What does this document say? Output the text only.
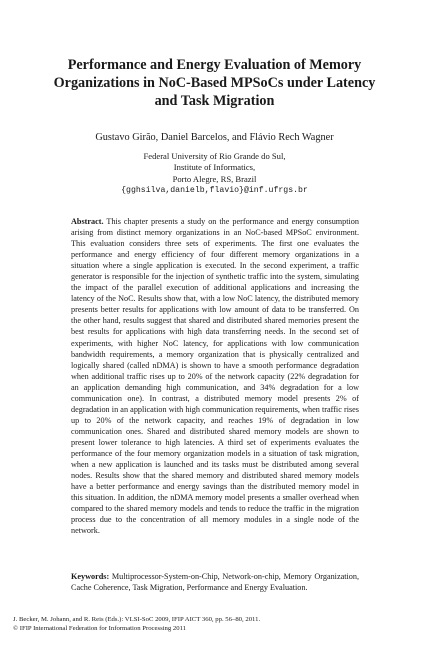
Performance and Energy Evaluation of Memory
Organizations in NoC-Based MPSoCs under Latency
and Task Migration
Gustavo Girão, Daniel Barcelos, and Flávio Rech Wagner
Federal University of Rio Grande do Sul,
Institute of Informatics,
Porto Alegre, RS, Brazil
{gghsilva,danielb,flavio}@inf.ufrgs.br

Abstract. This chapter presents a study on the performance and energy consumption arising from distinct memory organizations in an NoC-based MPSoC environment. This evaluation considers three sets of experiments. The first one evaluates the performance and energy efficiency of four different memory organizations in a situation where a single application is executed. In the second experiment, a traffic generator is responsible for the injection of synthetic traffic into the system, simulating the impact of the parallel execution of additional applications and increasing the latency of the NoC. Results show that, with a low NoC latency, the distributed memory presents better results for applications with low amount of data to be transferred. On the other hand, results suggest that shared and distributed shared memories present the best results for applications with high data transferring needs. In the second set of experiments, with higher NoC latency, for applications with low communication bandwidth requirements, a memory organization that is physically centralized and logically shared (called nDMA) is shown to have a smooth performance degradation when additional traffic rises up to 20% of the network capacity (22% degradation for an application demanding high communication, and 34% degradation for a low communication one). In contrast, a distributed memory model presents 2% of degradation in an application with high communication requirements, when traffic rises up to 20% of the network capacity, and reaches 19% of degradation in low communication ones. Shared and distributed shared memory models are shown to present lower tolerance to high latencies. A third set of experiments evaluates the performance of the four memory organization models in a situation of task migration, when a new application is launched and its tasks must be distributed among several nodes. Results show that the shared memory and distributed shared memory models have a better performance and energy savings than the distributed memory model in this situation. In addition, the nDMA memory model presents a smaller overhead when compared to the shared memory models and tends to reduce the traffic in the migration process due to the concentration of all memory modules in a single node of the network.

Keywords: Multiprocessor-System-on-Chip, Network-on-chip, Memory Organization, Cache Coherence, Task Migration, Performance and Energy Evaluation.

J. Becker, M. Johann, and R. Reis (Eds.): VLSI-SoC 2009, IFIP AICT 360, pp. 56–80, 2011.
© IFIP International Federation for Information Processing 2011
